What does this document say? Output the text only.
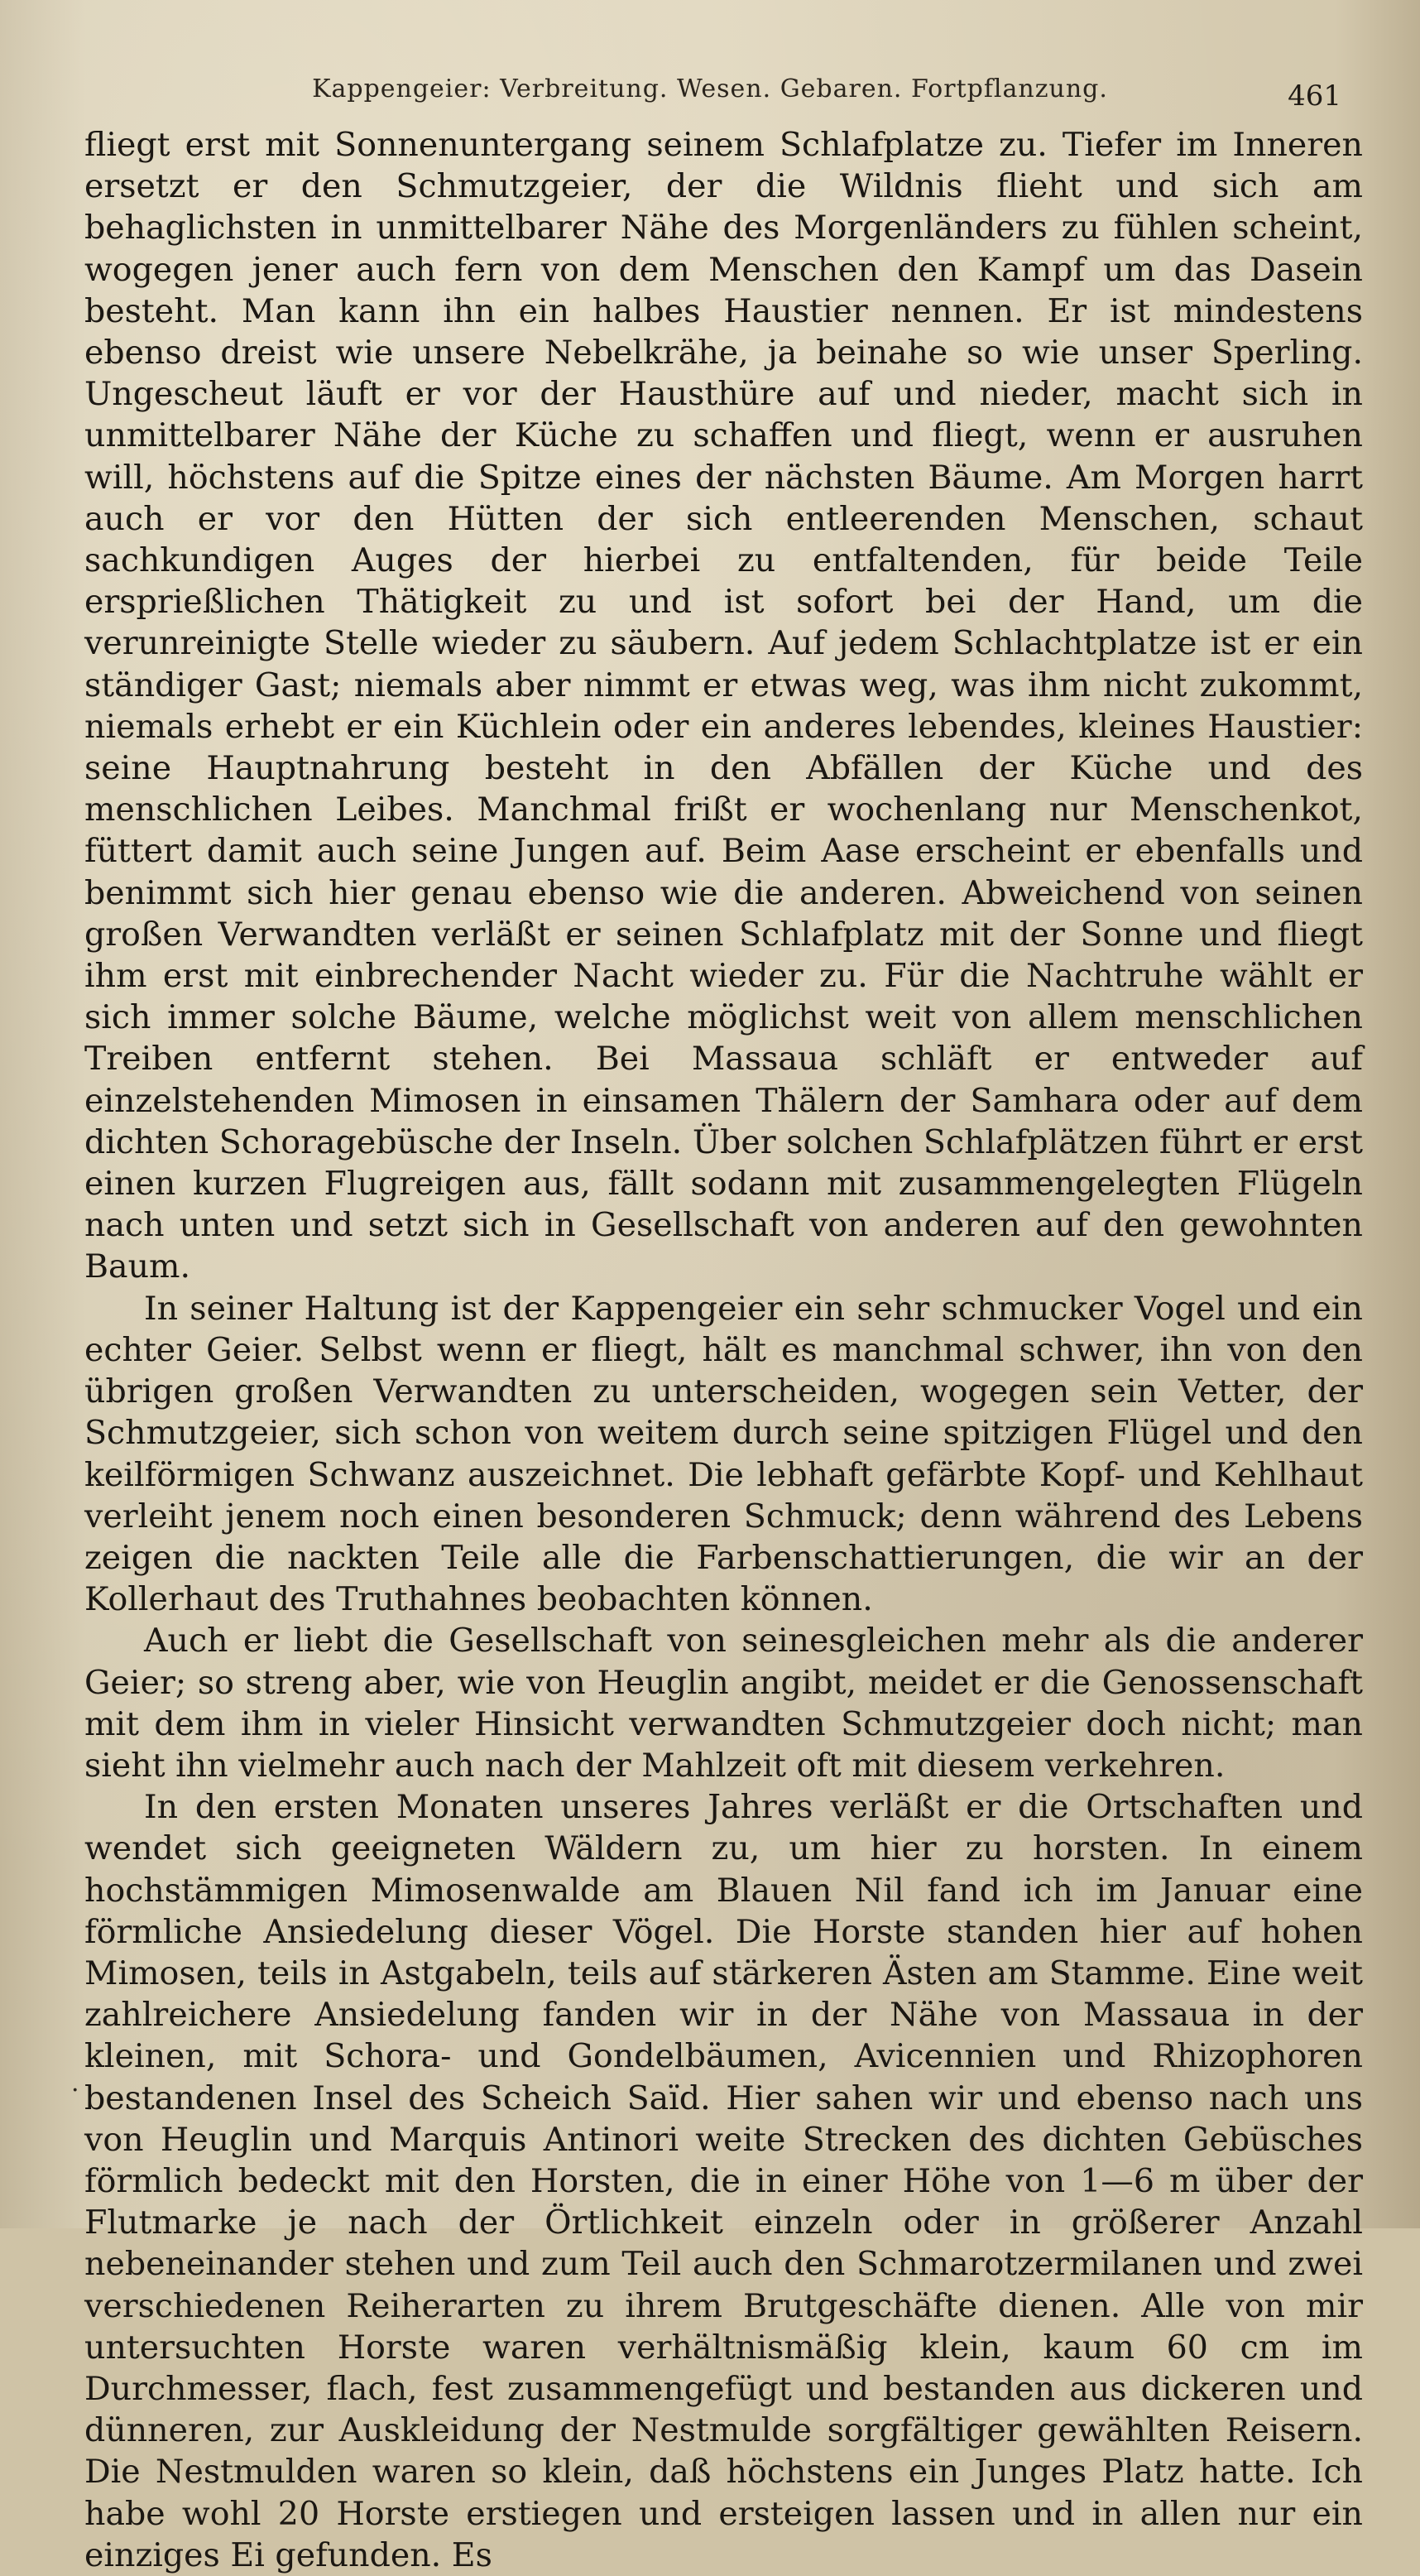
Kappengeier: Verbreitung. Wesen. Gebaren. Fortpflanzung.	461

fliegt erst mit Sonnenuntergang seinem Schlafplatze zu. Tiefer im Inneren ersetzt er den Schmutzgeier, der die Wildnis flieht und sich am behaglichsten in unmittelbarer Nähe des Morgenländers zu fühlen scheint, wogegen jener auch fern von dem Menschen den Kampf um das Dasein besteht. Man kann ihn ein halbes Haustier nennen. Er ist mindestens ebenso dreist wie unsere Nebelkrähe, ja beinahe so wie unser Sperling. Ungescheut läuft er vor der Hausthüre auf und nieder, macht sich in unmittelbarer Nähe der Küche zu schaffen und fliegt, wenn er ausruhen will, höchstens auf die Spitze eines der nächsten Bäume. Am Morgen harrt auch er vor den Hütten der sich entleerenden Menschen, schaut sachkundigen Auges der hierbei zu entfaltenden, für beide Teile ersprießlichen Thätigkeit zu und ist sofort bei der Hand, um die verunreinigte Stelle wieder zu säubern. Auf jedem Schlachtplatze ist er ein ständiger Gast; niemals aber nimmt er etwas weg, was ihm nicht zukommt, niemals erhebt er ein Küchlein oder ein anderes lebendes, kleines Haustier: seine Hauptnahrung besteht in den Abfällen der Küche und des menschlichen Leibes. Manchmal frißt er wochenlang nur Menschenkot, füttert damit auch seine Jungen auf. Beim Aase erscheint er ebenfalls und benimmt sich hier genau ebenso wie die anderen. Abweichend von seinen großen Verwandten verläßt er seinen Schlafplatz mit der Sonne und fliegt ihm erst mit einbrechender Nacht wieder zu. Für die Nachtruhe wählt er sich immer solche Bäume, welche möglichst weit von allem menschlichen Treiben entfernt stehen. Bei Massaua schläft er entweder auf einzelstehenden Mimosen in einsamen Thälern der Samhara oder auf dem dichten Schoragebüsche der Inseln. Über solchen Schlafplätzen führt er erst einen kurzen Flugreigen aus, fällt sodann mit zusammengelegten Flügeln nach unten und setzt sich in Gesellschaft von anderen auf den gewohnten Baum.

In seiner Haltung ist der Kappengeier ein sehr schmucker Vogel und ein echter Geier. Selbst wenn er fliegt, hält es manchmal schwer, ihn von den übrigen großen Verwandten zu unterscheiden, wogegen sein Vetter, der Schmutzgeier, sich schon von weitem durch seine spitzigen Flügel und den keilförmigen Schwanz auszeichnet. Die lebhaft gefärbte Kopf- und Kehlhaut verleiht jenem noch einen besonderen Schmuck; denn während des Lebens zeigen die nackten Teile alle die Farbenschattierungen, die wir an der Kollerhaut des Truthahnes beobachten können.

Auch er liebt die Gesellschaft von seinesgleichen mehr als die anderer Geier; so streng aber, wie von Heuglin angibt, meidet er die Genossenschaft mit dem ihm in vieler Hinsicht verwandten Schmutzgeier doch nicht; man sieht ihn vielmehr auch nach der Mahlzeit oft mit diesem verkehren.

In den ersten Monaten unseres Jahres verläßt er die Ortschaften und wendet sich geeigneten Wäldern zu, um hier zu horsten. In einem hochstämmigen Mimosenwalde am Blauen Nil fand ich im Januar eine förmliche Ansiedelung dieser Vögel. Die Horste standen hier auf hohen Mimosen, teils in Astgabeln, teils auf stärkeren Ästen am Stamme. Eine weit zahlreichere Ansiedelung fanden wir in der Nähe von Massaua in der kleinen, mit Schora- und Gondelbäumen, Avicennien und Rhizophoren bestandenen Insel des Scheich Saïd. Hier sahen wir und ebenso nach uns von Heuglin und Marquis Antinori weite Strecken des dichten Gebüsches förmlich bedeckt mit den Horsten, die in einer Höhe von 1—6 m über der Flutmarke je nach der Örtlichkeit einzeln oder in größerer Anzahl nebeneinander stehen und zum Teil auch den Schmarotzermilanen und zwei verschiedenen Reiherarten zu ihrem Brutgeschäfte dienen. Alle von mir untersuchten Horste waren verhältnismäßig klein, kaum 60 cm im Durchmesser, flach, fest zusammengefügt und bestanden aus dickeren und dünneren, zur Auskleidung der Nestmulde sorgfältiger gewählten Reisern. Die Nestmulden waren so klein, daß höchstens ein Junges Platz hatte. Ich habe wohl 20 Horste erstiegen und ersteigen lassen und in allen nur ein einziges Ei gefunden. Es

·
